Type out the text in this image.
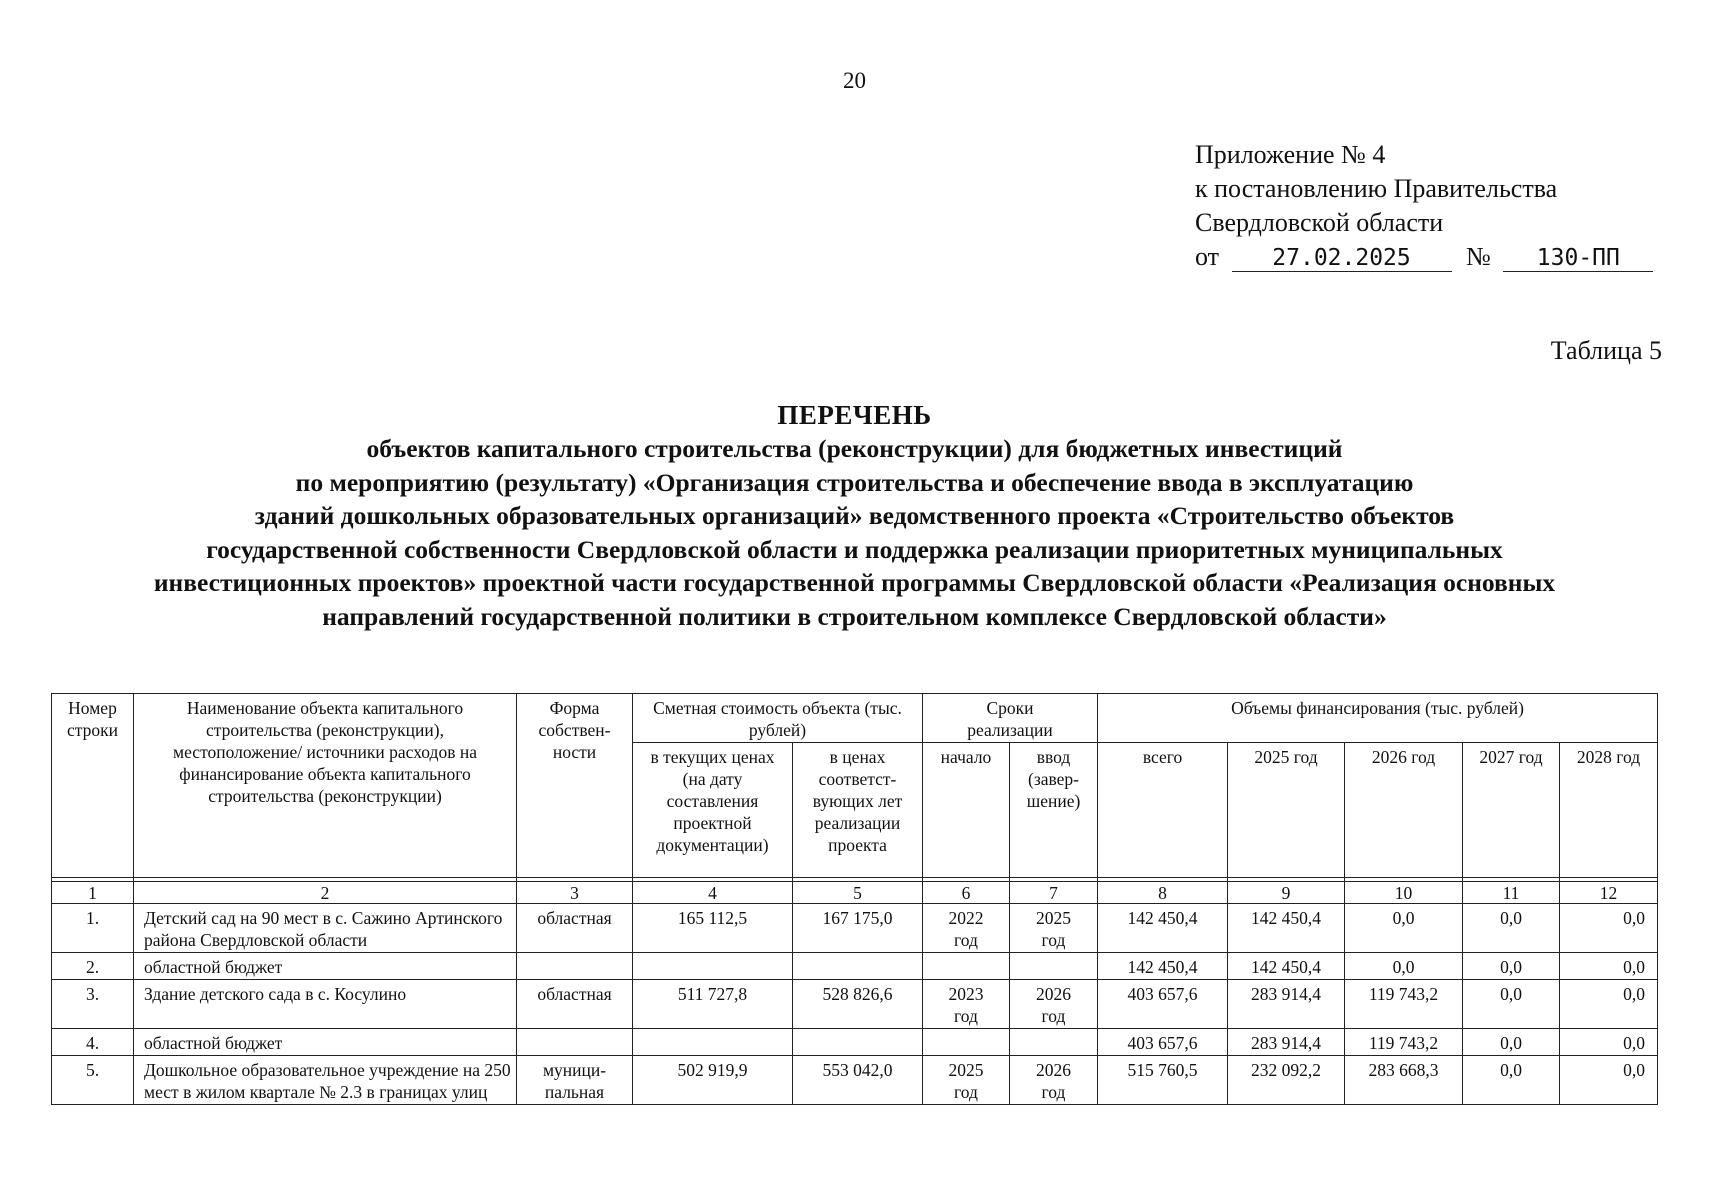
20
Приложение № 4
к постановлению Правительства
Свердловской области
от 27.02.2025 № 130-ПП
Таблица 5
ПЕРЕЧЕНЬ
объектов капитального строительства (реконструкции) для бюджетных инвестиций
по мероприятию (результату) «Организация строительства и обеспечение ввода в эксплуатацию
зданий дошкольных образовательных организаций» ведомственного проекта «Строительство объектов
государственной собственности Свердловской области и поддержка реализации приоритетных муниципальных
инвестиционных проектов» проектной части государственной программы Свердловской области «Реализация основных
направлений государственной политики в строительном комплексе Свердловской области»
Номер строки	Наименование объекта капитального строительства (реконструкции), местоположение/ источники расходов на финансирование объекта капитального строительства (реконструкции)	Форма собствен-ности	Сметная стоимость объекта (тыс. рублей)		Сроки реализации		Объемы финансирования (тыс. рублей)				
			в текущих ценах (на дату составления проектной документации)	в ценах соответст-вующих лет реализации проекта	начало	ввод (завер-шение)	всего	2025 год	2026 год	2027 год	2028 год

1	2	3	4	5	6	7	8	9	10	11	12
1.	Детский сад на 90 мест в с. Сажино Артинского района Свердловской области	областная	165 112,5	167 175,0	2022 год	2025 год	142 450,4	142 450,4	0,0	0,0	0,0
2.	областной бюджет						142 450,4	142 450,4	0,0	0,0	0,0
3.	Здание детского сада в с. Косулино	областная	511 727,8	528 826,6	2023 год	2026 год	403 657,6	283 914,4	119 743,2	0,0	0,0
4.	областной бюджет						403 657,6	283 914,4	119 743,2	0,0	0,0
5.	Дошкольное образовательное учреждение на 250 мест в жилом квартале № 2.3 в границах улиц	муници-пальная	502 919,9	553 042,0	2025 год	2026 год	515 760,5	232 092,2	283 668,3	0,0	0,0
